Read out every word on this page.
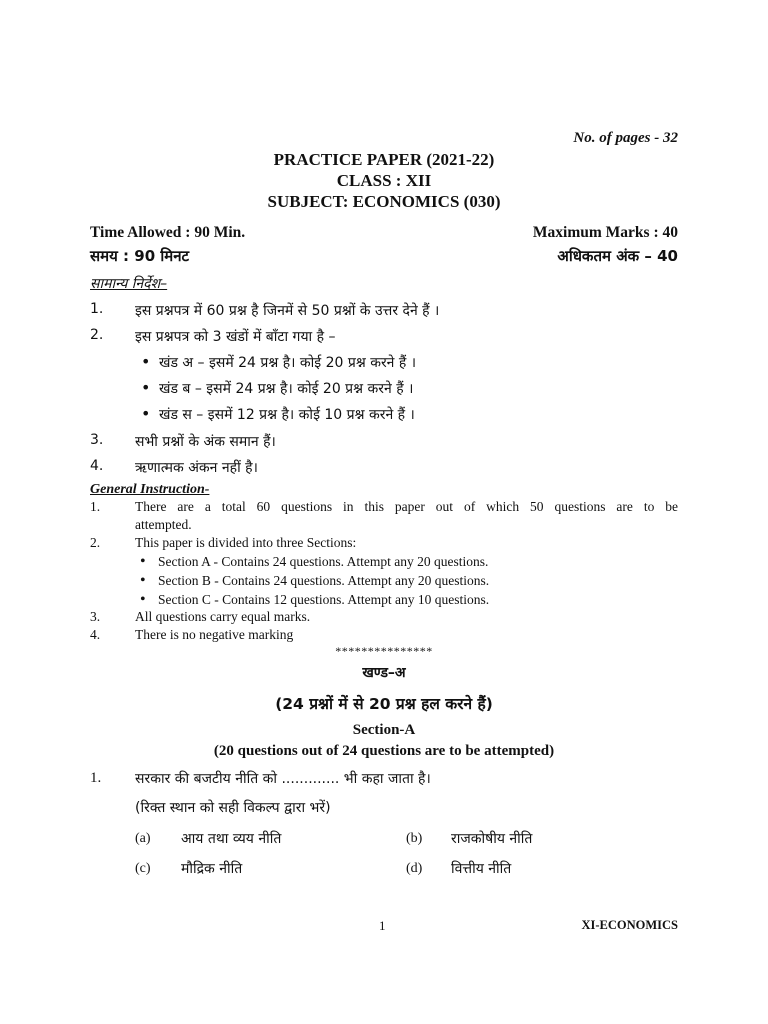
No. of pages - 32
PRACTICE PAPER (2021-22)
CLASS : XII
SUBJECT: ECONOMICS (030)
Time Allowed : 90 Min.	Maximum Marks : 40
समय : 90 मिनट	अधिकतम अंक – 40
सामान्य निर्देश–
1. इस प्रश्नपत्र में 60 प्रश्न है जिनमें से 50 प्रश्नों के उत्तर देने हैं ।
2. इस प्रश्नपत्र को 3 खंडों में बाँटा गया है –
• खंड अ – इसमें 24 प्रश्न है। कोई 20 प्रश्न करने हैं ।
• खंड ब – इसमें 24 प्रश्न है। कोई 20 प्रश्न करने हैं ।
• खंड स – इसमें 12 प्रश्न है। कोई 10 प्रश्न करने हैं ।
3. सभी प्रश्नों के अंक समान हैं।
4. ऋणात्मक अंकन नहीं है।
General Instruction-
1.	There are a total 60 questions in this paper out of which 50 questions are to be
attempted.
2.	This paper is divided into three Sections:
• Section A - Contains 24 questions. Attempt any 20 questions.
• Section B - Contains 24 questions. Attempt any 20 questions.
• Section C - Contains 12 questions. Attempt any 10 questions.
3.	All questions carry equal marks.
4.	There is no negative marking
***************
खण्ड–अ
(24 प्रश्नों में से 20 प्रश्न हल करने हैं)
Section-A
(20 questions out of 24 questions are to be attempted)
1. सरकार की बजटीय नीति को ............. भी कहा जाता है।
(रिक्त स्थान को सही विकल्प द्वारा भरें)
(a) आय तथा व्यय नीति	(b) राजकोषीय नीति
(c) मौद्रिक नीति	(d) वित्तीय नीति
1	XI-ECONOMICS
